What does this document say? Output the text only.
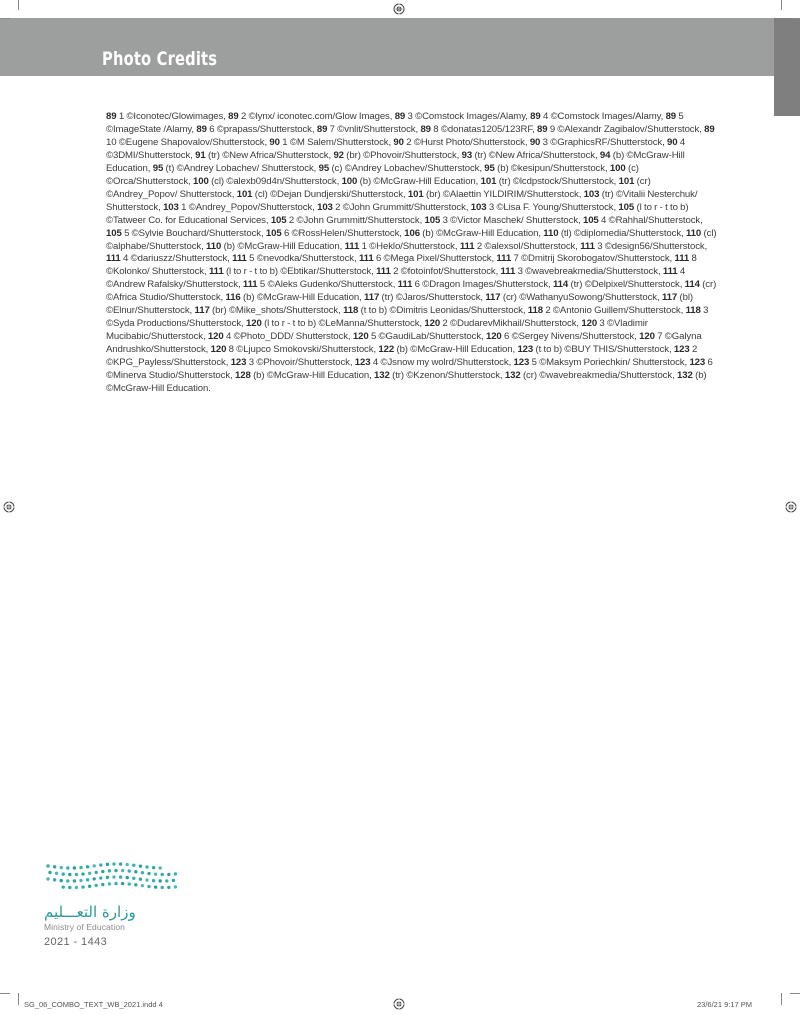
Photo Credits
89 1 ©Iconotec/Glowimages, 89 2 ©lynx/ iconotec.com/Glow Images, 89 3 ©Comstock Images/Alamy, 89 4 ©Comstock Images/Alamy, 89 5 ©ImageState /Alamy, 89 6 ©prapass/Shutterstock, 89 7 ©vnlit/Shutterstock, 89 8 ©donatas1205/123RF, 89 9 ©Alexandr Zagibalov/Shutterstock, 89 10 ©Eugene Shapovalov/Shutterstock, 90 1 ©M Salem/Shutterstock, 90 2 ©Hurst Photo/Shutterstock, 90 3 ©GraphicsRF/Shutterstock, 90 4 ©3DMI/Shutterstock, 91 (tr) ©New Africa/Shutterstock, 92 (br) ©Phovoir/Shutterstock, 93 (tr) ©New Africa/Shutterstock, 94 (b) ©McGraw-Hill Education, 95 (t) ©Andrey Lobachev/ Shutterstock, 95 (c) ©Andrey Lobachev/Shutterstock, 95 (b) ©kesipun/Shutterstock, 100 (c) ©Orca/Shutterstock, 100 (cl) ©alexb09d4n/Shutterstock, 100 (b) ©McGraw-Hill Education, 101 (tr) ©lcdpstock/Shutterstock, 101 (cr) ©Andrey_Popov/ Shutterstock, 101 (cl) ©Dejan Dundjerski/Shutterstock, 101 (br) ©Alaettin YILDIRIM/Shutterstock, 103 (tr) ©Vitalii Nesterchuk/ Shutterstock, 103 1 ©Andrey_Popov/Shutterstock, 103 2 ©John Grummitt/Shutterstock, 103 3 ©Lisa F. Young/Shutterstock, 105 (l to r - t to b) ©Tatweer Co. for Educational Services, 105 2 ©John Grummitt/Shutterstock, 105 3 ©Victor Maschek/ Shutterstock, 105 4 ©Rahhal/Shutterstock, 105 5 ©Sylvie Bouchard/Shutterstock, 105 6 ©RossHelen/Shutterstock, 106 (b) ©McGraw-Hill Education, 110 (tl) ©diplomedia/Shutterstock, 110 (cl) ©alphabe/Shutterstock, 110 (b) ©McGraw-Hill Education, 111 1 ©Heklo/Shutterstock, 111 2 ©alexsol/Shutterstock, 111 3 ©design56/Shutterstock, 111 4 ©dariuszz/Shutterstock, 111 5 ©nevodka/Shutterstock, 111 6 ©Mega Pixel/Shutterstock, 111 7 ©Dmitrij Skorobogatov/Shutterstock, 111 8 ©Kolonko/ Shutterstock, 111 (l to r - t to b) ©Ebtikar/Shutterstock, 111 2 ©fotoinfot/Shutterstock, 111 3 ©wavebreakmedia/Shutterstock, 111 4 ©Andrew Rafalsky/Shutterstock, 111 5 ©Aleks Gudenko/Shutterstock, 111 6 ©Dragon Images/Shutterstock, 114 (tr) ©Delpixel/Shutterstock, 114 (cr) ©Africa Studio/Shutterstock, 116 (b) ©McGraw-Hill Education, 117 (tr) ©Jaros/Shutterstock, 117 (cr) ©WathanyuSowong/Shutterstock, 117 (bl) ©Elnur/Shutterstock, 117 (br) ©Mike_shots/Shutterstock, 118 (t to b) ©Dimitris Leonidas/Shutterstock, 118 2 ©Antonio Guillem/Shutterstock, 118 3 ©Syda Productions/Shutterstock, 120 (l to r - t to b) ©LeManna/Shutterstock, 120 2 ©DudarevMikhail/Shutterstock, 120 3 ©Vladimir Mucibabic/Shutterstock, 120 4 ©Photo_DDD/ Shutterstock, 120 5 ©GaudiLab/Shutterstock, 120 6 ©Sergey Nivens/Shutterstock, 120 7 ©Galyna Andrushko/Shutterstock, 120 8 ©Ljupco Smokovski/Shutterstock, 122 (b) ©McGraw-Hill Education, 123 (t to b) ©BUY THIS/Shutterstock, 123 2 ©KPG_Payless/Shutterstock, 123 3 ©Phovoir/Shutterstock, 123 4 ©Jsnow my wolrd/Shutterstock, 123 5 ©Maksym Poriechkin/ Shutterstock, 123 6 ©Minerva Studio/Shutterstock, 128 (b) ©McGraw-Hill Education, 132 (tr) ©Kzenon/Shutterstock, 132 (cr) ©wavebreakmedia/Shutterstock, 132 (b) ©McGraw-Hill Education.
وزارة التعـــليم
Ministry of Education
2021 - 1443
SG_06_COMBO_TEXT_WB_2021.indd 4	23/6/21 9:17 PM
